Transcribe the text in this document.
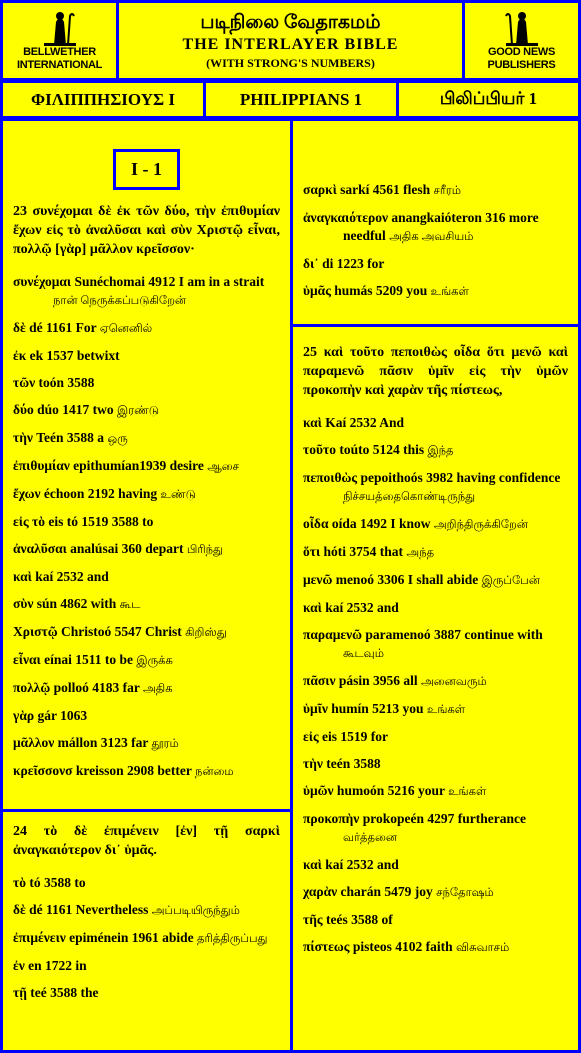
BELLWETHER
INTERNATIONAL
படிநிலை வேதாகமம்
THE INTERLAYER BIBLE
(WITH STRONG'S NUMBERS)
GOOD NEWS
PUBLISHERS
ΦΙΛΙΠΠΗΣΙΟΥΣ I	PHILIPPIANS 1	பிலிப்பியர் 1
I - 1

23 συνέχομαι δὲ ἐκ τῶν δύο, τὴν ἐπιθυμίαν ἔχων εἰς τὸ ἀναλῦσαι καὶ σὺν Χριστῷ εἶναι, πολλῷ [γὰρ] μᾶλλον κρεῖσσον·

συνέχομαι Sunéchomai 4912 I am in a strait நான் நெருக்கப்படுகிறேன்

δὲ dé 1161 For ஏனெனில்

ἐκ ek 1537 betwixt

τῶν toón 3588

δύο dúo 1417 two இரண்டு

τὴν Teén 3588 a ஒரு

ἐπιθυμίαν epithumían1939 desire ஆசை

ἔχων échoon 2192 having உண்டு

εἰς τὸ eis tó 1519 3588 to

ἀναλῦσαι analúsai 360 depart பிரிந்து

καὶ kaí 2532 and

σὺν sún 4862 with கூட

Χριστῷ Christoó 5547 Christ கிறிஸ்து

εἶναι eínai 1511 to be இருக்க

πολλῷ polloó 4183 far அதிக

γὰρ gár 1063

μᾶλλον mállon 3123 far தூரம்

κρεῖσσονσ kreisson 2908 better நன்மை

24 τὸ δὲ ἐπιμένειν [ἐν] τῇ σαρκὶ ἀναγκαιότερον δι᾽ ὑμᾶς.

τὸ tó 3588 to

δὲ dé 1161 Nevertheless அப்படியிருந்தும்

ἐπιμένειν epiménein 1961 abide தரித்திருப்பது

ἐν en 1722 in

τῇ teé 3588 the

σαρκὶ sarkí 4561 flesh சரீரம்

ἀναγκαιότερον anangkaióteron 316 more needful அதிக அவசியம்

δι᾽ di 1223 for

ὑμᾶς humás 5209 you உங்கள்

25 καὶ τοῦτο πεποιθὼς οἶδα ὅτι μενῶ καὶ παραμενῶ πᾶσιν ὑμῖν εἰς τὴν ὑμῶν προκοπὴν καὶ χαρὰν τῆς πίστεως,

καὶ Kaí 2532 And

τοῦτο toúto 5124 this இந்த

πεποιθὼς pepoithoós 3982 having confidence நிச்சயத்தைகொண்டிருந்து

οἶδα oída 1492 I know அறிந்திருக்கிறேன்

ὅτι hóti 3754 that அந்த

μενῶ menoó 3306 I shall abide இருப்பேன்

καὶ kaí 2532 and

παραμενῶ paramenoó 3887 continue with கூடவும்

πᾶσιν pásin 3956 all அனைவரும்

ὑμῖν humín 5213 you உங்கள்

εἰς eis 1519 for

τὴν teén 3588

ὑμῶν humoón 5216 your உங்கள்

προκοπὴν prokopeén 4297 furtherance வர்த்தனை

καὶ kaí 2532 and

χαρὰν charán 5479 joy சந்தோஷம்

τῆς teés 3588 of

πίστεως pisteos 4102 faith விசுவாசம்
